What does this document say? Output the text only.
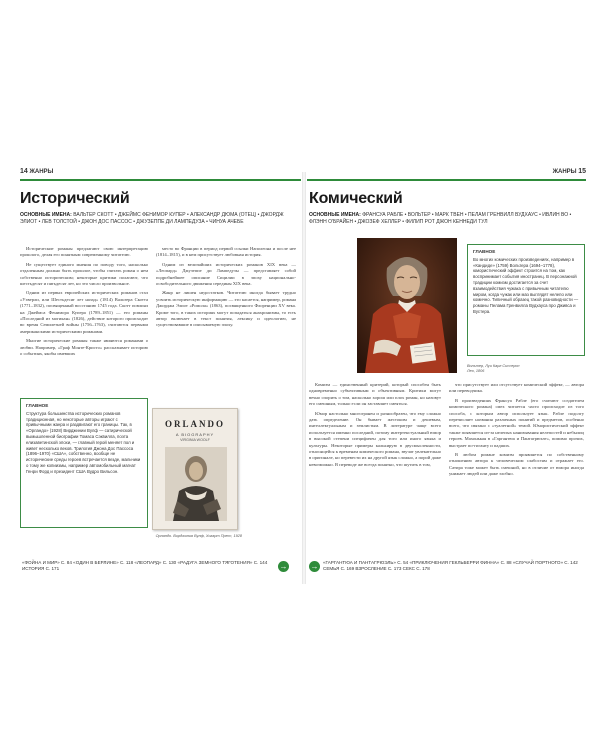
14 ЖАНРЫ
Исторический
ОСНОВНЫЕ ИМЕНА: ВАЛЬТЕР СКОТТ • ДЖЕЙМС ФЕНИМОР КУПЕР • АЛЕКСАНДР ДЮМА (ОТЕЦ) • ДЖОРДЖ ЭЛИОТ • ЛЕВ ТОЛСТОЙ • ДЖОН ДОС ПАССОС • ДЖУЗЕППЕ ДИ ЛАМПЕДУЗА • ЧИНУА АЧЕБЕ

Исторические романы предлагают свою интерпретацию прошлого, делая его понятным современному читателю.

Не существует единого мнения по поводу того, насколько отдаленным должно быть прошлое, чтобы считать роман о нем собственно историческим; некоторые критики полагают, что шестьдесят и пятьдесят лет, но это число произвольное.

Одним из первых европейских исторических романов стал «Уэверли, или Шестьдесят лет назад» (1814) Вальтера Скотта (1771–1832), посвященный восстанию 1745 года. Скотт повлиял на Джеймса Фенимора Купера (1789–1851) — его романы «Последний из могикан» (1826), действие которого происходит во время Семилетней войны (1756–1763), считаются первыми американскими историческими романами.

Многие исторические романы также являются романами о любви. Например, «Граф Монте-Кристо» рассказывает историю о событиях, якобы имевших

ГЛАВНОЕ
Структура большинства исторических романов традиционная, но некоторые авторы играют с привычными жанра и раздвигают его границы. Так, в «Орландо» (1928) Вирджинии Вулф — сатирической вымышленной биографии Томаса Сэквилла, поэта елизаветинской эпохи, — главный герой меняет пол и живет несколько веков. Трилогия Джона Дос Пассоса (1896–1970) «США», собственно, вообще не исторические среды героев встречается везде, мальчики о тому же копиизмы, например автомобильный магнат Генри Форд и президент США Вудро Вильсон.

место во Франции в период первой ссылки Наполеона и после нее (1814–1815), и в нем присутствует любовная история.

Одним из величайших исторических романов XIX века — «Леопард» Джузеппе ди Лампедузы — представляет собой подробнейшее описание Сицилии в эпоху национально-освободительного движения середины XIX века.

Жанр не лишен недостатков. Читателю иногда бывает трудно усвоить историческую информацию — это касается, например, романа Джорджа Элиот «Ромола» (1863), посвященного Флоренции XV века. Кроме того, в таких историях могут попадаться анахронизмы, то есть автор включает в текст понятия, лексику и идеологию, не существовавшие в описываемую эпоху.

ORLANDO
A BIOGRAPHY
VIRGINIA WOOLF
Орландо. Вирджиния Вулф, Хогарт Пресс, 1928
«ФОЙНА И МИР» С. 84 «ОДИН В БЕРЛИНЕ» С. 118 «ЛЕОПАРД» С. 130 «РАДУГА ЗЕМНОГО ТЯГОТЕНИЯ» С. 144 ИСТОРИЯ С. 171	→
ЖАНРЫ 15
Комический
ОСНОВНЫЕ ИМЕНА: ФРАНСУА РАБЛЕ • ВОЛЬТЕР • МАРК ТВЕН • ПЕЛАМ ГРЕНВИЛЛ ВУДХАУС • ИВЛИН ВО • ФЛЭНН О'БРАЙЕН • ДЖОЗЕФ ХЕЛЛЕР • ФИЛИП РОТ ДЖОН КЕННЕДИ ТУЛ
Вольтер, Луи Карл Сиссерон Лео, 1806
ГЛАВНОЕ
Во многих комических произведениях, например в «Кандиде» (1759) Вольтера (1694–1778), юмористический эффект строится на том, как воспринимает события иностранец. В персонажной традиции комизм достигается за счет взаимодействия чужака с привычным читателю миром, когда чужак или маз выглядят нелепо или комично. Типичный образец такой разновидности — романы Пелама Гренвилла Вудхауса про Дживса и Вустера.

Комизм — единственный критерий, который способен быть одновременно субъективным и объективным. Критики могут вечно спорить о том, насколько хорош или плох роман, но назовут его смешным, только если он заставляет смеяться.

Юмор настолько многогранен и разнообразен, что ему сложно дать определение. Он бывает жестоким и дешевым, интеллектуальным и землистым. В литературе чаще всего используется именно последний, потому интертекстуальный юмор в высокой степени специфичен для того или иного языка и культуры. Некоторые примеры калькирую в двусмысленности, относящейся к временам комического романа, звучат увлекательно в оригинале, но перевести их на другой язык сложно, а порой даже невозможно. В переводе же всегда понятно, что шутить в том,

что присутствует или отсутствует комический эффект, — автора или переводчика.

В произведениях Франсуа Рабле (его считают создателем комического романа) смех читается часто происходит из того способа, с которым автор использует язык. Рабле подолгу перечисляет названия различных понятий и предметов, особенно всего, что связано с «туалетной» темой. Юмористический эффект также появляется из-за нелепых нанизывания нелепостей и небылиц героев. Махонькая в «Гаргантюа и Пантагрюэле», помимо прочих, выстрает по-гиганту и падших.

В любом романе комизм проявляется по собственному отношению автора к человеческим слабостям и отражает его. Сатира тоже может быть смешной, но в отличие от юмора иногда унижает людей или даже злобно.

→ «ГАРГАНТЮА И ПАНТАГРЮЭЛЬ» С. 54 «ПРИКЛЮЧЕНИЯ ГЕКЛЬБЕРРИ ФИННА» С. 88 «СЛУЧАЙ ПОРТНОГО» С. 142 СЕМЬЯ С. 169 ВЗРОСЛЕНИЕ С. 173 СЕКС С. 178
